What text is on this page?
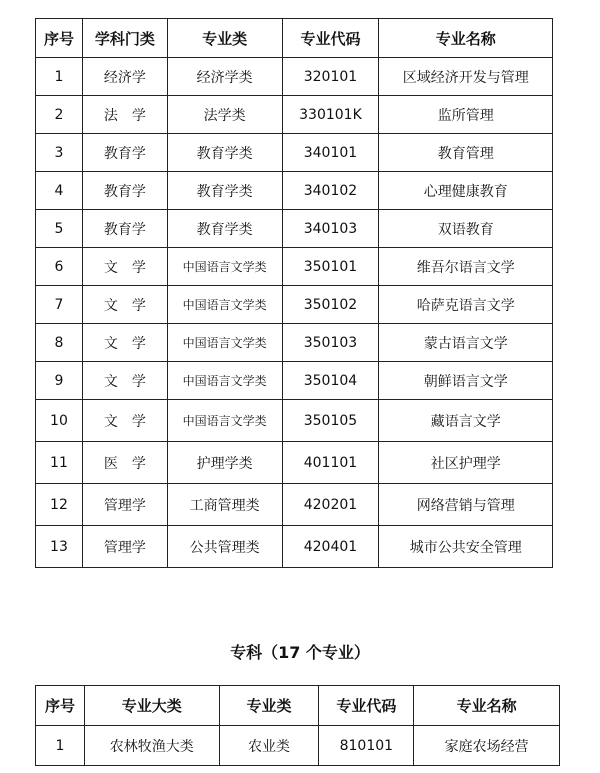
序号	学科门类	专业类	专业代码	专业名称
1	经济学	经济学类	320101	区域经济开发与管理
2	法　学	法学类	330101K	监所管理
3	教育学	教育学类	340101	教育管理
4	教育学	教育学类	340102	心理健康教育
5	教育学	教育学类	340103	双语教育
6	文　学	中国语言文学类	350101	维吾尔语言文学
7	文　学	中国语言文学类	350102	哈萨克语言文学
8	文　学	中国语言文学类	350103	蒙古语言文学
9	文　学	中国语言文学类	350104	朝鲜语言文学
10	文　学	中国语言文学类	350105	藏语言文学
11	医　学	护理学类	401101	社区护理学
12	管理学	工商管理类	420201	网络营销与管理
13	管理学	公共管理类	420401	城市公共安全管理
专科（17 个专业）
序号	专业大类	专业类	专业代码	专业名称
1	农林牧渔大类	农业类	810101	家庭农场经营
